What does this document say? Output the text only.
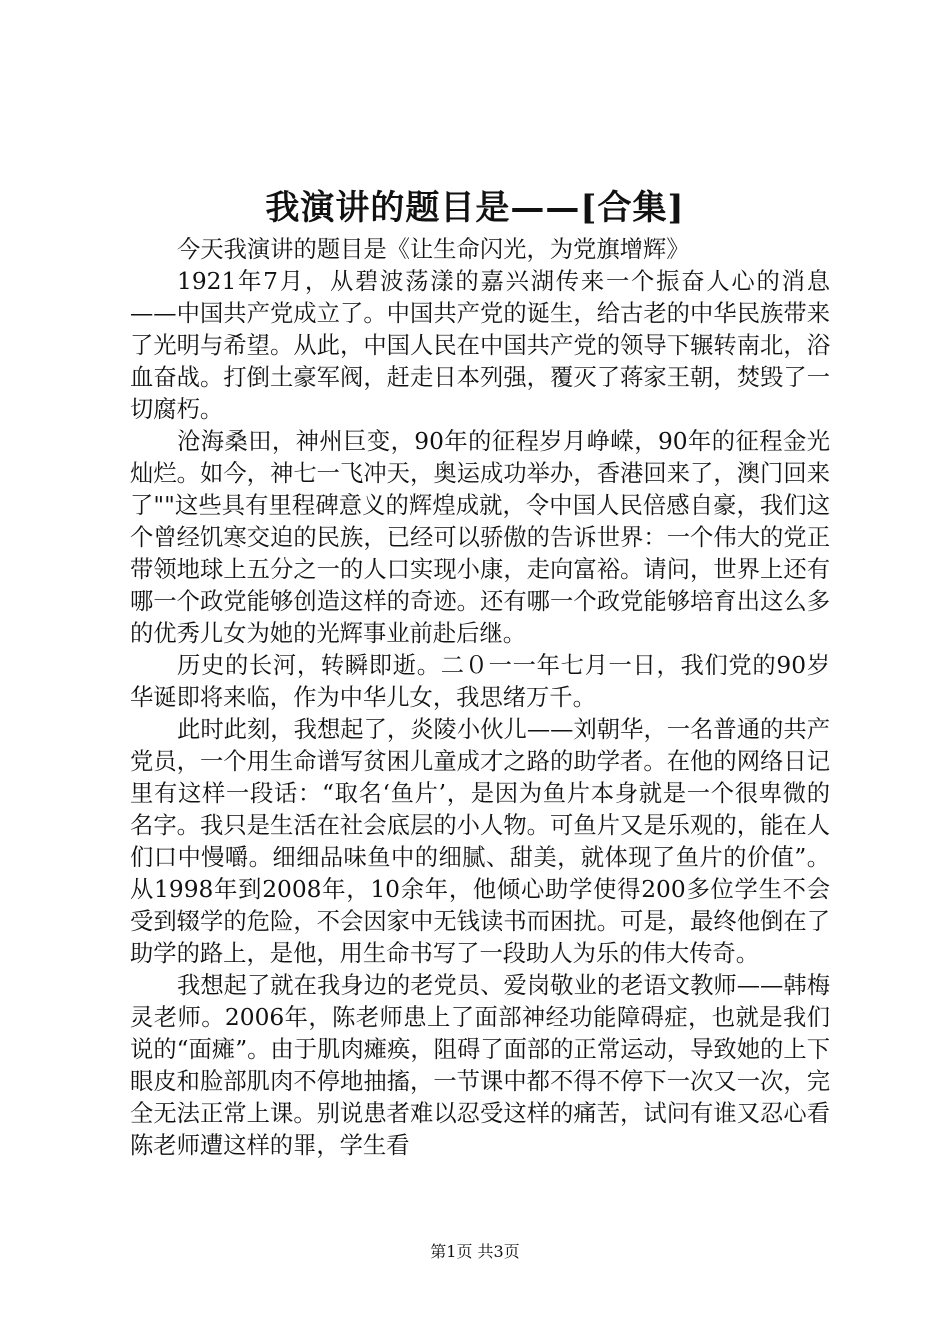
我演讲的题目是——[合集]

今天我演讲的题目是《让生命闪光，为党旗增辉》

1921年7月，从碧波荡漾的嘉兴湖传来一个振奋人心的消息——中国共产党成立了。中国共产党的诞生，给古老的中华民族带来了光明与希望。从此，中国人民在中国共产党的领导下辗转南北，浴血奋战。打倒土豪军阀，赶走日本列强，覆灭了蒋家王朝，焚毁了一切腐朽。

沧海桑田，神州巨变，90年的征程岁月峥嵘，90年的征程金光灿烂。如今，神七一飞冲天，奥运成功举办，香港回来了，澳门回来了""这些具有里程碑意义的辉煌成就，令中国人民倍感自豪，我们这个曾经饥寒交迫的民族，已经可以骄傲的告诉世界：一个伟大的党正带领地球上五分之一的人口实现小康，走向富裕。请问，世界上还有哪一个政党能够创造这样的奇迹。还有哪一个政党能够培育出这么多的优秀儿女为她的光辉事业前赴后继。

历史的长河，转瞬即逝。二０一一年七月一日，我们党的90岁华诞即将来临，作为中华儿女，我思绪万千。

此时此刻，我想起了，炎陵小伙儿——刘朝华，一名普通的共产党员，一个用生命谱写贫困儿童成才之路的助学者。在他的网络日记里有这样一段话：“取名‘鱼片’，是因为鱼片本身就是一个很卑微的名字。我只是生活在社会底层的小人物。可鱼片又是乐观的，能在人们口中慢嚼。细细品味鱼中的细腻、甜美，就体现了鱼片的价值”。从1998年到2008年，10余年，他倾心助学使得200多位学生不会受到辍学的危险，不会因家中无钱读书而困扰。可是，最终他倒在了助学的路上，是他，用生命书写了一段助人为乐的伟大传奇。

我想起了就在我身边的老党员、爱岗敬业的老语文教师——韩梅灵老师。2006年，陈老师患上了面部神经功能障碍症，也就是我们说的“面瘫”。由于肌肉瘫痪，阻碍了面部的正常运动，导致她的上下眼皮和脸部肌肉不停地抽搐，一节课中都不得不停下一次又一次，完全无法正常上课。别说患者难以忍受这样的痛苦，试问有谁又忍心看陈老师遭这样的罪，学生看

第1页 共3页
